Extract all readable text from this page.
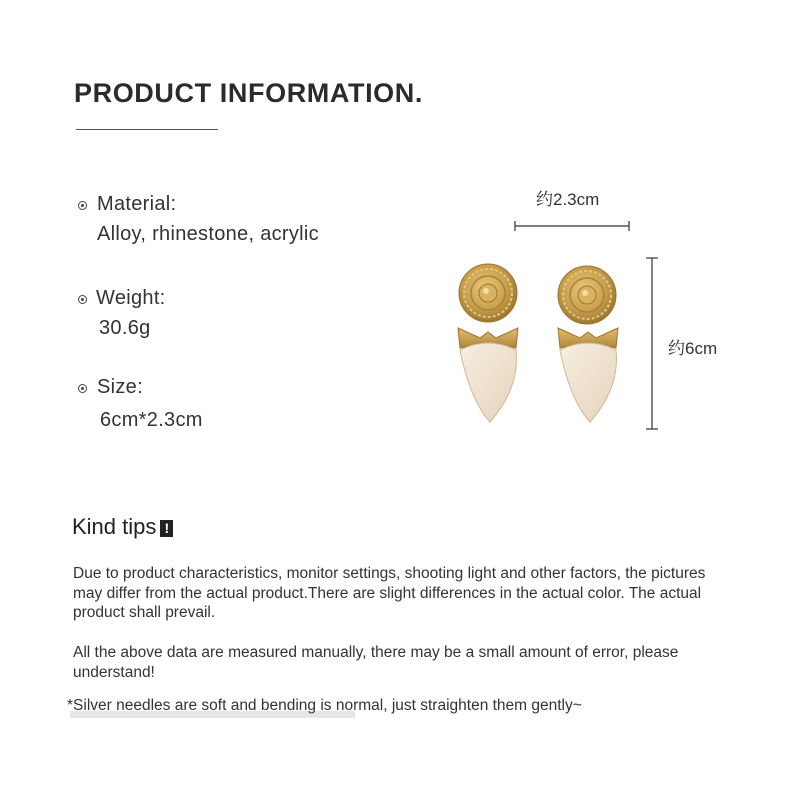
PRODUCT INFORMATION.
Material:
Alloy, rhinestone, acrylic
Weight:
30.6g
Size:
6cm*2.3cm
约2.3cm
约6cm
Kind tips !
Due to product characteristics, monitor settings, shooting light and other factors, the pictures may differ from the actual product.There are slight differences in the actual color. The actual product shall prevail.
All the above data are measured manually, there may be a small amount of error, please understand!
*Silver needles are soft and bending is normal, just straighten them gently~
